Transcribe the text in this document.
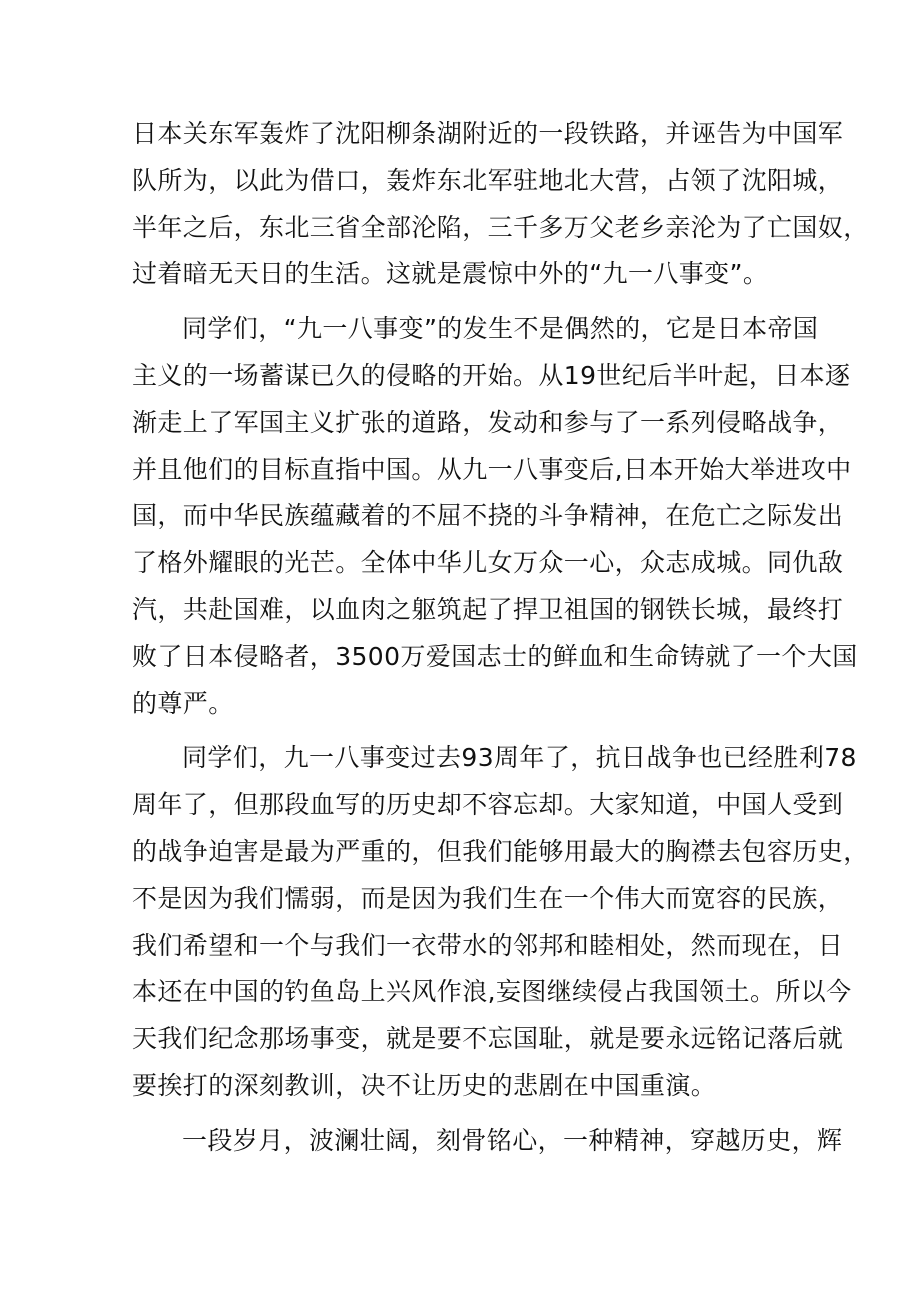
日本关东军轰炸了沈阳柳条湖附近的一段铁路，并诬告为中国军
队所为，以此为借口，轰炸东北军驻地北大营，占领了沈阳城，
半年之后，东北三省全部沦陷，三千多万父老乡亲沦为了亡国奴，
过着暗无天日的生活。这就是震惊中外的“九一八事变”。
同学们，“九一八事变”的发生不是偶然的，它是日本帝国
主义的一场蓄谋已久的侵略的开始。从19世纪后半叶起，日本逐
渐走上了军国主义扩张的道路，发动和参与了一系列侵略战争，
并且他们的目标直指中国。从九一八事变后,日本开始大举进攻中
国，而中华民族蕴藏着的不屈不挠的斗争精神，在危亡之际发出
了格外耀眼的光芒。全体中华儿女万众一心，众志成城。同仇敌
汽，共赴国难，以血肉之躯筑起了捍卫祖国的钢铁长城，最终打
败了日本侵略者，3500万爱国志士的鲜血和生命铸就了一个大国
的尊严。
同学们，九一八事变过去93周年了，抗日战争也已经胜利78
周年了，但那段血写的历史却不容忘却。大家知道，中国人受到
的战争迫害是最为严重的，但我们能够用最大的胸襟去包容历史，
不是因为我们懦弱，而是因为我们生在一个伟大而宽容的民族，
我们希望和一个与我们一衣带水的邻邦和睦相处，然而现在，日
本还在中国的钓鱼岛上兴风作浪,妄图继续侵占我国领土。所以今
天我们纪念那场事变，就是要不忘国耻，就是要永远铭记落后就
要挨打的深刻教训，决不让历史的悲剧在中国重演。
一段岁月，波澜壮阔，刻骨铭心，一种精神，穿越历史，辉
